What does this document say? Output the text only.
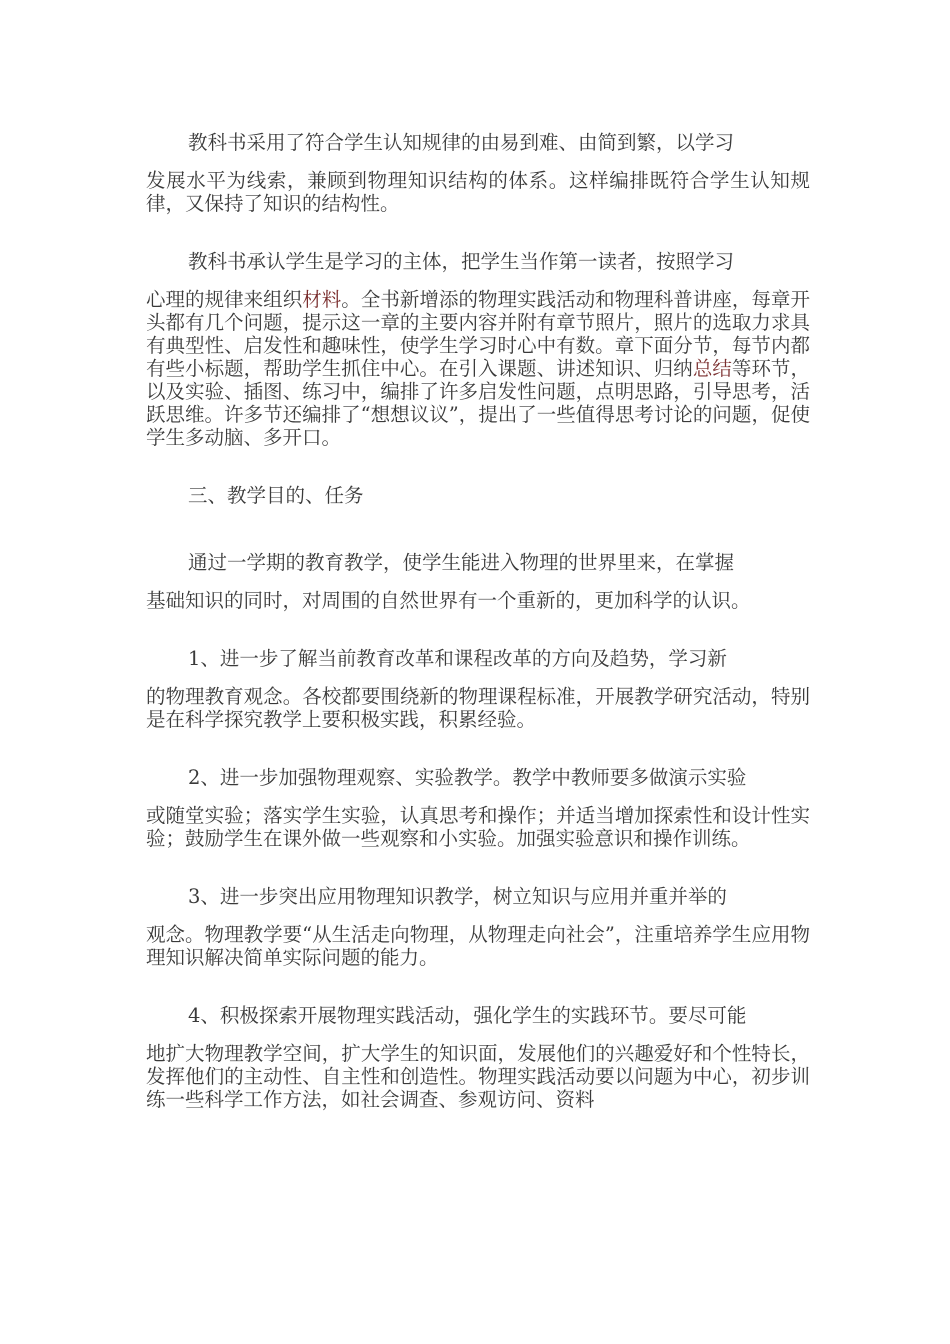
教科书采用了符合学生认知规律的由易到难、由简到繁，以学习
发展水平为线索，兼顾到物理知识结构的体系。这样编排既符合学生认知规律，又保持了知识的结构性。

教科书承认学生是学习的主体，把学生当作第一读者，按照学习
心理的规律来组织材料。全书新增添的物理实践活动和物理科普讲座，每章开头都有几个问题，提示这一章的主要内容并附有章节照片，照片的选取力求具有典型性、启发性和趣味性，使学生学习时心中有数。章下面分节，每节内都有些小标题，帮助学生抓住中心。在引入课题、讲述知识、归纳总结等环节，以及实验、插图、练习中，编排了许多启发性问题，点明思路，引导思考，活跃思维。许多节还编排了“想想议议”，提出了一些值得思考讨论的问题，促使学生多动脑、多开口。

三、教学目的、任务

通过一学期的教育教学，使学生能进入物理的世界里来，在掌握
基础知识的同时，对周围的自然世界有一个重新的，更加科学的认识。

1、进一步了解当前教育改革和课程改革的方向及趋势，学习新
的物理教育观念。各校都要围绕新的物理课程标准，开展教学研究活动，特别是在科学探究教学上要积极实践，积累经验。

2、进一步加强物理观察、实验教学。教学中教师要多做演示实验
或随堂实验；落实学生实验，认真思考和操作；并适当增加探索性和设计性实验；鼓励学生在课外做一些观察和小实验。加强实验意识和操作训练。

3、进一步突出应用物理知识教学，树立知识与应用并重并举的
观念。物理教学要“从生活走向物理，从物理走向社会”，注重培养学生应用物理知识解决简单实际问题的能力。

4、积极探索开展物理实践活动，强化学生的实践环节。要尽可能
地扩大物理教学空间，扩大学生的知识面，发展他们的兴趣爱好和个性特长，发挥他们的主动性、自主性和创造性。物理实践活动要以问题为中心，初步训练一些科学工作方法，如社会调查、参观访问、资料
